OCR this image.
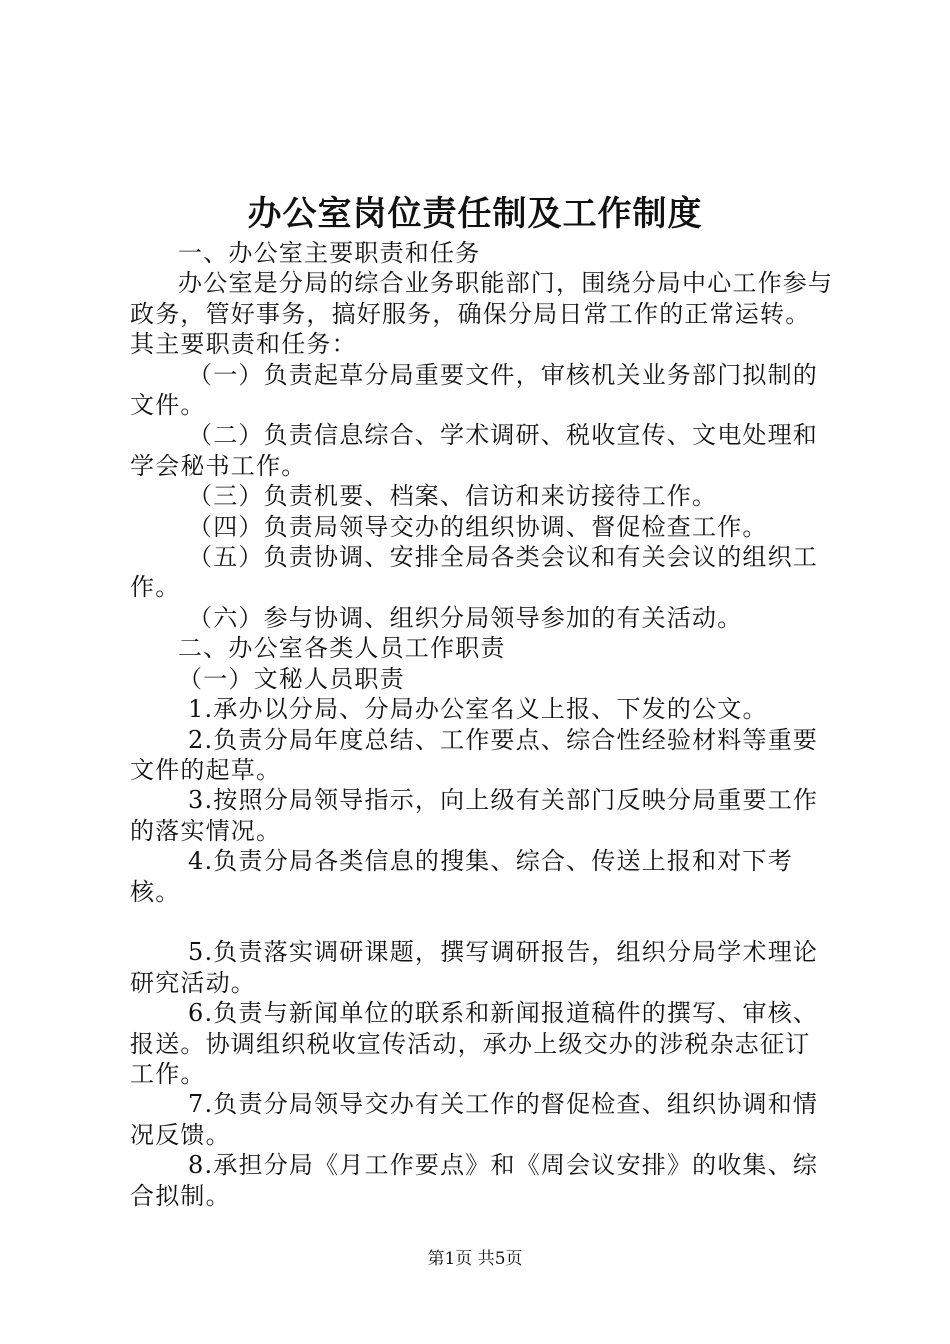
办公室岗位责任制及工作制度

一、办公室主要职责和任务

办公室是分局的综合业务职能部门，围绕分局中心工作参与政务，管好事务，搞好服务，确保分局日常工作的正常运转。其主要职责和任务：

（一）负责起草分局重要文件，审核机关业务部门拟制的文件。

（二）负责信息综合、学术调研、税收宣传、文电处理和学会秘书工作。

（三）负责机要、档案、信访和来访接待工作。

（四）负责局领导交办的组织协调、督促检查工作。

（五）负责协调、安排全局各类会议和有关会议的组织工作。

（六）参与协调、组织分局领导参加的有关活动。

二、办公室各类人员工作职责

（一）文秘人员职责

1.承办以分局、分局办公室名义上报、下发的公文。

2.负责分局年度总结、工作要点、综合性经验材料等重要文件的起草。

3.按照分局领导指示，向上级有关部门反映分局重要工作的落实情况。

4.负责分局各类信息的搜集、综合、传送上报和对下考核。

5.负责落实调研课题，撰写调研报告，组织分局学术理论研究活动。

6.负责与新闻单位的联系和新闻报道稿件的撰写、审核、报送。协调组织税收宣传活动，承办上级交办的涉税杂志征订工作。

7.负责分局领导交办有关工作的督促检查、组织协调和情况反馈。

8.承担分局《月工作要点》和《周会议安排》的收集、综合拟制。

第1页 共5页
